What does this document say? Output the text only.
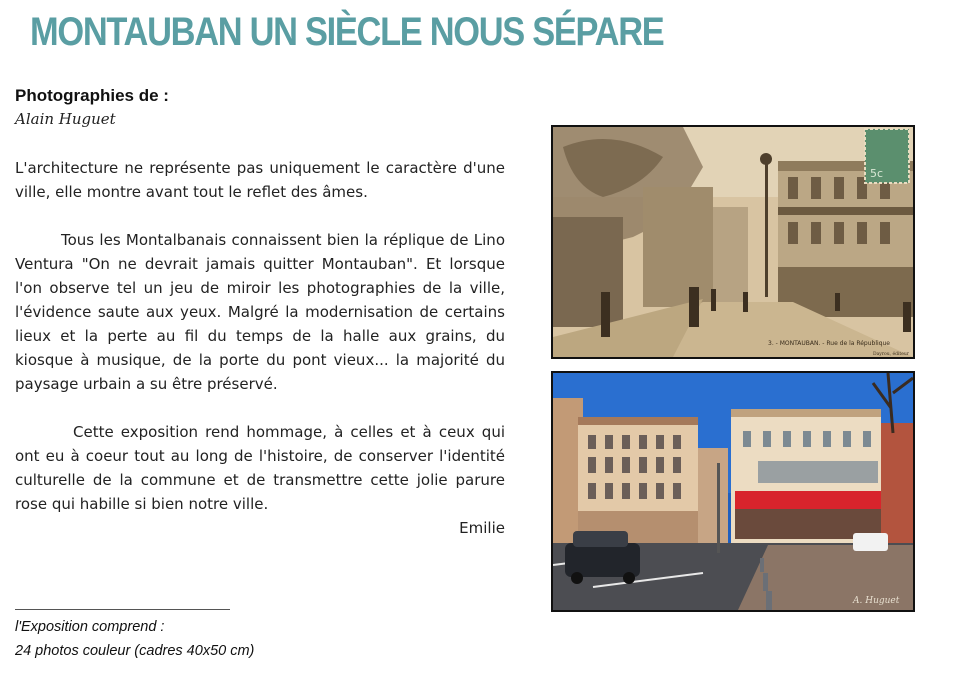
MONTAUBAN UN SIÈCLE NOUS SÉPARE
Photographies de :
Alain Huguet

L'architecture ne représente pas uniquement le caractère d'une ville, elle montre avant tout le reflet des âmes.

Tous les Montalbanais connaissent bien la réplique de Lino Ventura "On ne devrait jamais quitter Montauban". Et lorsque l'on observe tel un jeu de miroir les photographies de la ville, l'évidence saute aux yeux. Malgré la modernisation de certains lieux et la perte au fil du temps de la halle aux grains, du kiosque à musique, de la porte du pont vieux... la majorité du paysage urbain a su être préservé.

Cette exposition rend hommage, à celles et à ceux qui ont eu à coeur tout au long de l'histoire, de conserver l'identité culturelle de la commune et de transmettre cette jolie parure rose qui habille si bien notre ville.

Emilie

l'Exposition comprend :
24 photos couleur (cadres 40x50 cm)
5c
3. - MONTAUBAN. - Rue de la République
Dayrou, éditeur
A. Huguet
